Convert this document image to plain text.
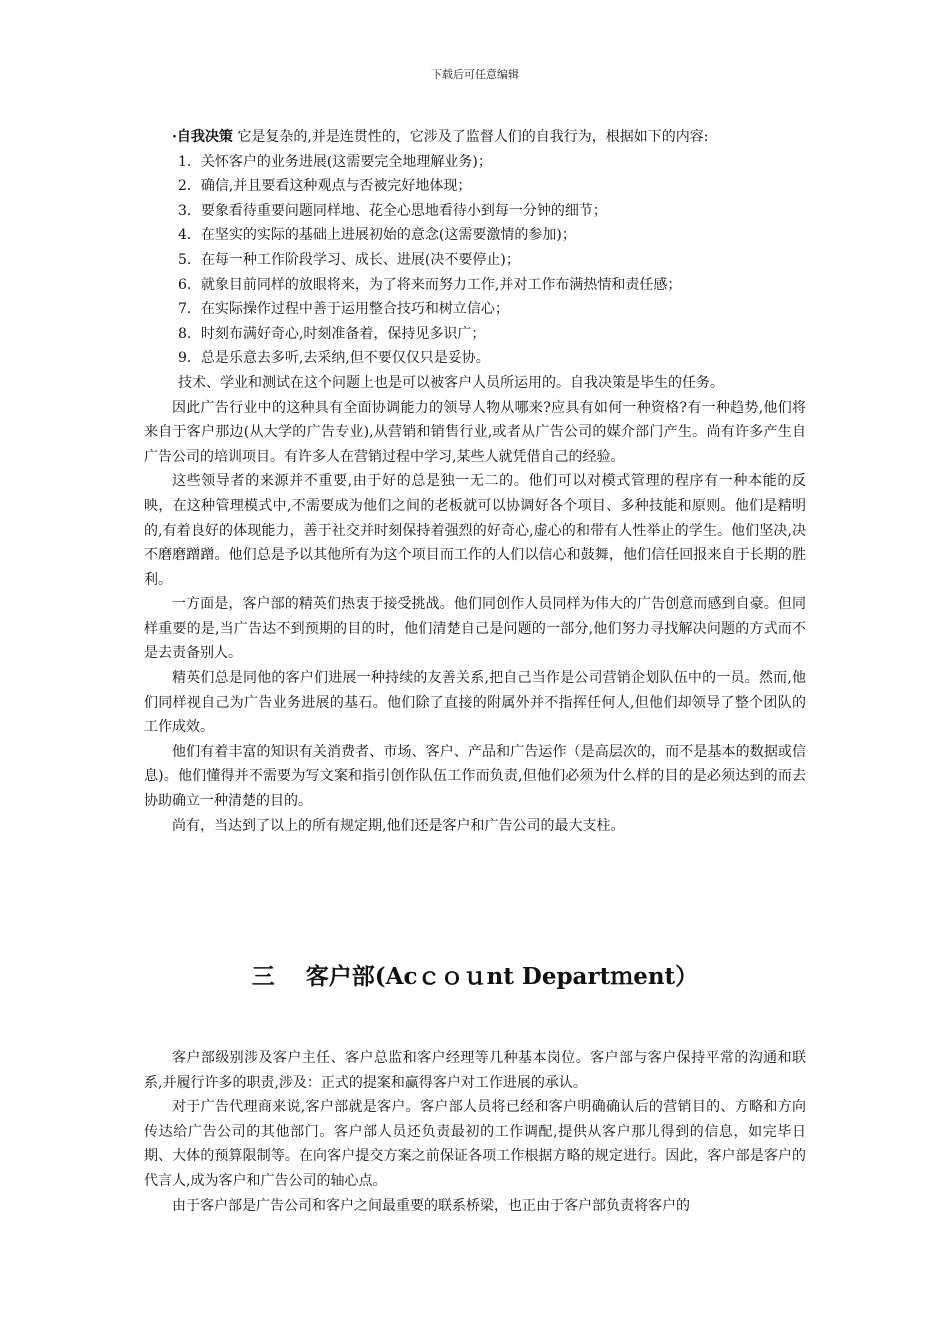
下载后可任意编辑

·自我决策 它是复杂的,并是连贯性的，它涉及了监督人们的自我行为，根据如下的内容:

1．关怀客户的业务进展(这需要完全地理解业务)；
2．确信,并且要看这种观点与否被完好地体现；
3．要象看待重要问题同样地、花全心思地看待小到每一分钟的细节；
4．在坚实的实际的基础上进展初始的意念(这需要激情的参加)；
5．在每一种工作阶段学习、成长、进展(决不要停止)；
6．就象目前同样的放眼将来，为了将来而努力工作,并对工作布满热情和责任感；
7．在实际操作过程中善于运用整合技巧和树立信心；
8．时刻布满好奇心,时刻准备着，保持见多识广；
9．总是乐意去多听,去采纳,但不要仅仅只是妥协。

技术、学业和测试在这个问题上也是可以被客户人员所运用的。自我决策是毕生的任务。

因此广告行业中的这种具有全面协调能力的领导人物从哪来?应具有如何一种资格?有一种趋势,他们将来自于客户那边(从大学的广告专业),从营销和销售行业,或者从广告公司的媒介部门产生。尚有许多产生自广告公司的培训项目。有许多人在营销过程中学习,某些人就凭借自己的经验。

这些领导者的来源并不重要,由于好的总是独一无二的。他们可以对模式管理的程序有一种本能的反映，在这种管理模式中,不需要成为他们之间的老板就可以协调好各个项目、多种技能和原则。他们是精明的,有着良好的体现能力，善于社交并时刻保持着强烈的好奇心,虚心的和带有人性举止的学生。他们坚决,决不磨磨蹭蹭。他们总是予以其他所有为这个项目而工作的人们以信心和鼓舞，他们信任回报来自于长期的胜利。

一方面是，客户部的精英们热衷于接受挑战。他们同创作人员同样为伟大的广告创意而感到自豪。但同样重要的是,当广告达不到预期的目的时，他们清楚自己是问题的一部分,他们努力寻找解决问题的方式而不是去责备别人。

精英们总是同他的客户们进展一种持续的友善关系,把自己当作是公司营销企划队伍中的一员。然而,他们同样视自己为广告业务进展的基石。他们除了直接的附属外并不指挥任何人,但他们却领导了整个团队的工作成效。

他们有着丰富的知识有关消费者、市场、客户、产品和广告运作（是高层次的，而不是基本的数据或信息)。他们懂得并不需要为写文案和指引创作队伍工作而负责,但他们必须为什么样的目的是必须达到的而去协助确立一种清楚的目的。

尚有，当达到了以上的所有规定期,他们还是客户和广告公司的最大支柱。

三　 客户部(Acｃｏｕnt Departｍent）

客户部级别涉及客户主任、客户总监和客户经理等几种基本岗位。客户部与客户保持平常的沟通和联系,并履行许多的职责,涉及：正式的提案和赢得客户对工作进展的承认。

对于广告代理商来说,客户部就是客户。客户部人员将已经和客户明确确认后的营销目的、方略和方向传达给广告公司的其他部门。客户部人员还负责最初的工作调配,提供从客户那儿得到的信息，如完毕日期、大体的预算限制等。在向客户提交方案之前保证各项工作根据方略的规定进行。因此，客户部是客户的代言人,成为客户和广告公司的轴心点。

由于客户部是广告公司和客户之间最重要的联系桥梁，也正由于客户部负责将客户的
